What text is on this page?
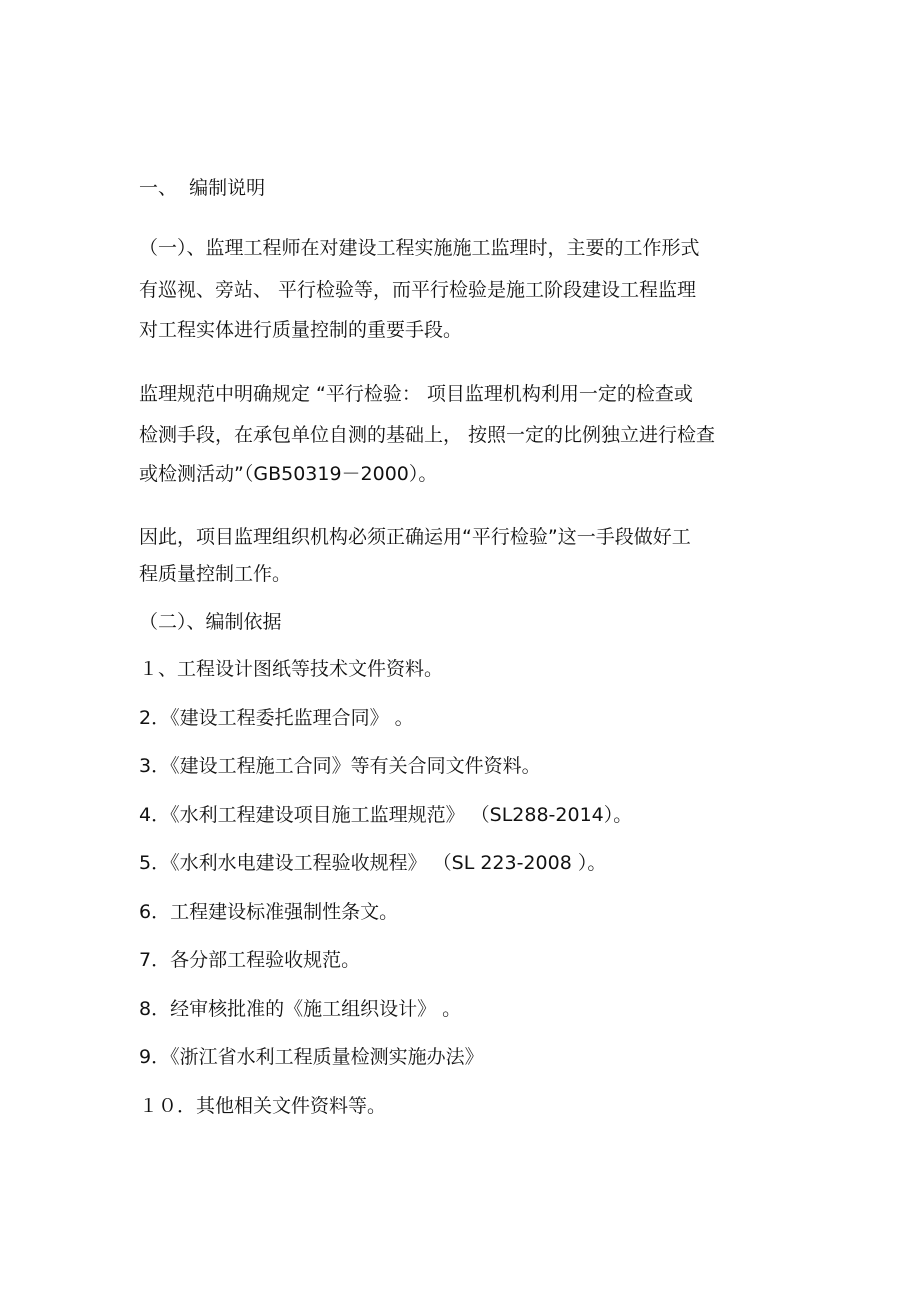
一、  编制说明
（一）、监理工程师在对建设工程实施施工监理时，主要的工作形式
有巡视、旁站、 平行检验等，而平行检验是施工阶段建设工程监理
对工程实体进行质量控制的重要手段。
监理规范中明确规定 “平行检验： 项目监理机构利用一定的检查或
检测手段，在承包单位自测的基础上， 按照一定的比例独立进行检查
或检测活动”（GB50319－2000）。
因此，项目监理组织机构必须正确运用“平行检验”这一手段做好工
程质量控制工作。
（二）、编制依据
１、工程设计图纸等技术文件资料。
2．《建设工程委托监理合同》 。
3．《建设工程施工合同》等有关合同文件资料。
4．《水利工程建设项目施工监理规范》 （SL288-2014）。
5．《水利水电建设工程验收规程》 （SL 223-2008 ）。
6．工程建设标准强制性条文。
7．各分部工程验收规范。
8．经审核批准的《施工组织设计》 。
9．《浙江省水利工程质量检测实施办法》
１０．其他相关文件资料等。
